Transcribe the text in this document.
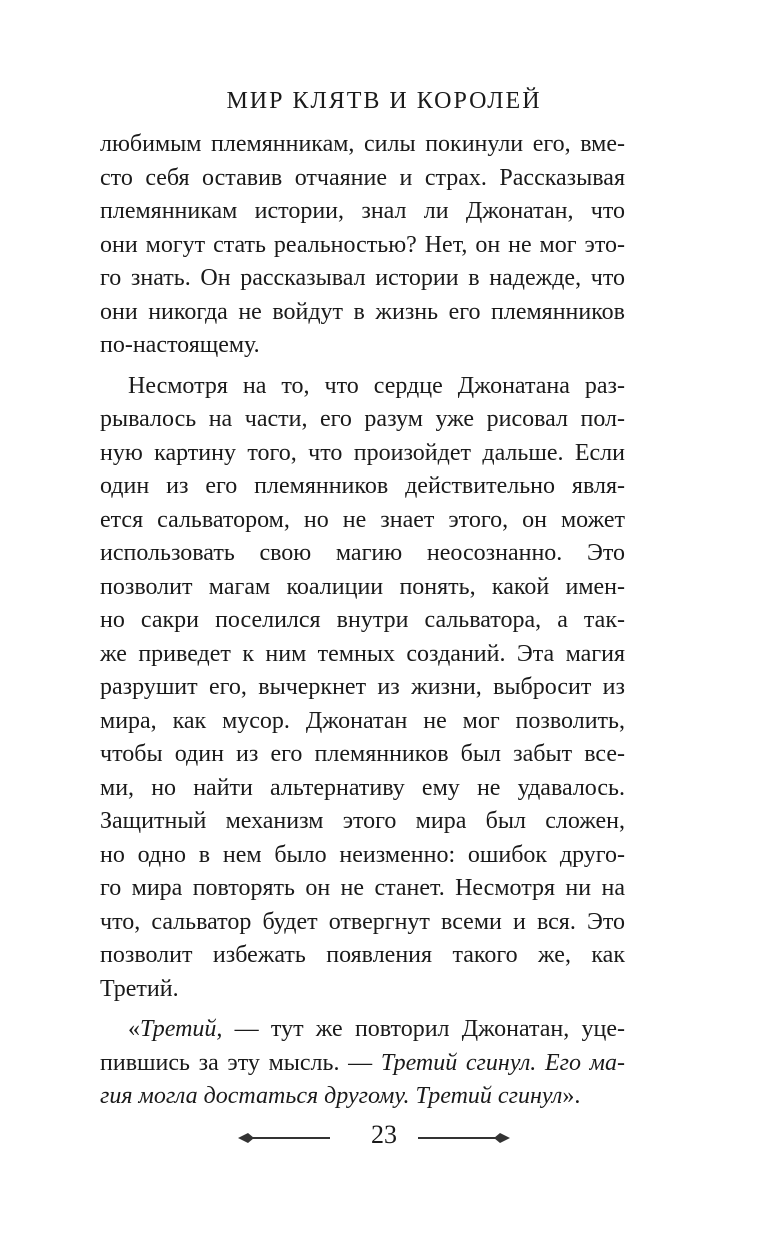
МИР КЛЯТВ И КОРОЛЕЙ
любимым племянникам, силы покинули его, вме-
сто себя оставив отчаяние и страх. Рассказывая
племянникам истории, знал ли Джонатан, что
они могут стать реальностью? Нет, он не мог это-
го знать. Он рассказывал истории в надежде, что
они никогда не войдут в жизнь его племянников
по-настоящему.
Несмотря на то, что сердце Джонатана раз-
рывалось на части, его разум уже рисовал пол-
ную картину того, что произойдет дальше. Если
один из его племянников действительно явля-
ется сальватором, но не знает этого, он может
использовать свою магию неосознанно. Это
позволит магам коалиции понять, какой имен-
но сакри поселился внутри сальватора, а так-
же приведет к ним темных созданий. Эта магия
разрушит его, вычеркнет из жизни, выбросит из
мира, как мусор. Джонатан не мог позволить,
чтобы один из его племянников был забыт все-
ми, но найти альтернативу ему не удавалось.
Защитный механизм этого мира был сложен,
но одно в нем было неизменно: ошибок друго-
го мира повторять он не станет. Несмотря ни на
что, сальватор будет отвергнут всеми и вся. Это
позволит избежать появления такого же, как
Третий.
«Третий, — тут же повторил Джонатан, уце-
пившись за эту мысль. — Третий сгинул. Его ма-
гия могла достаться другому. Третий сгинул».
23
